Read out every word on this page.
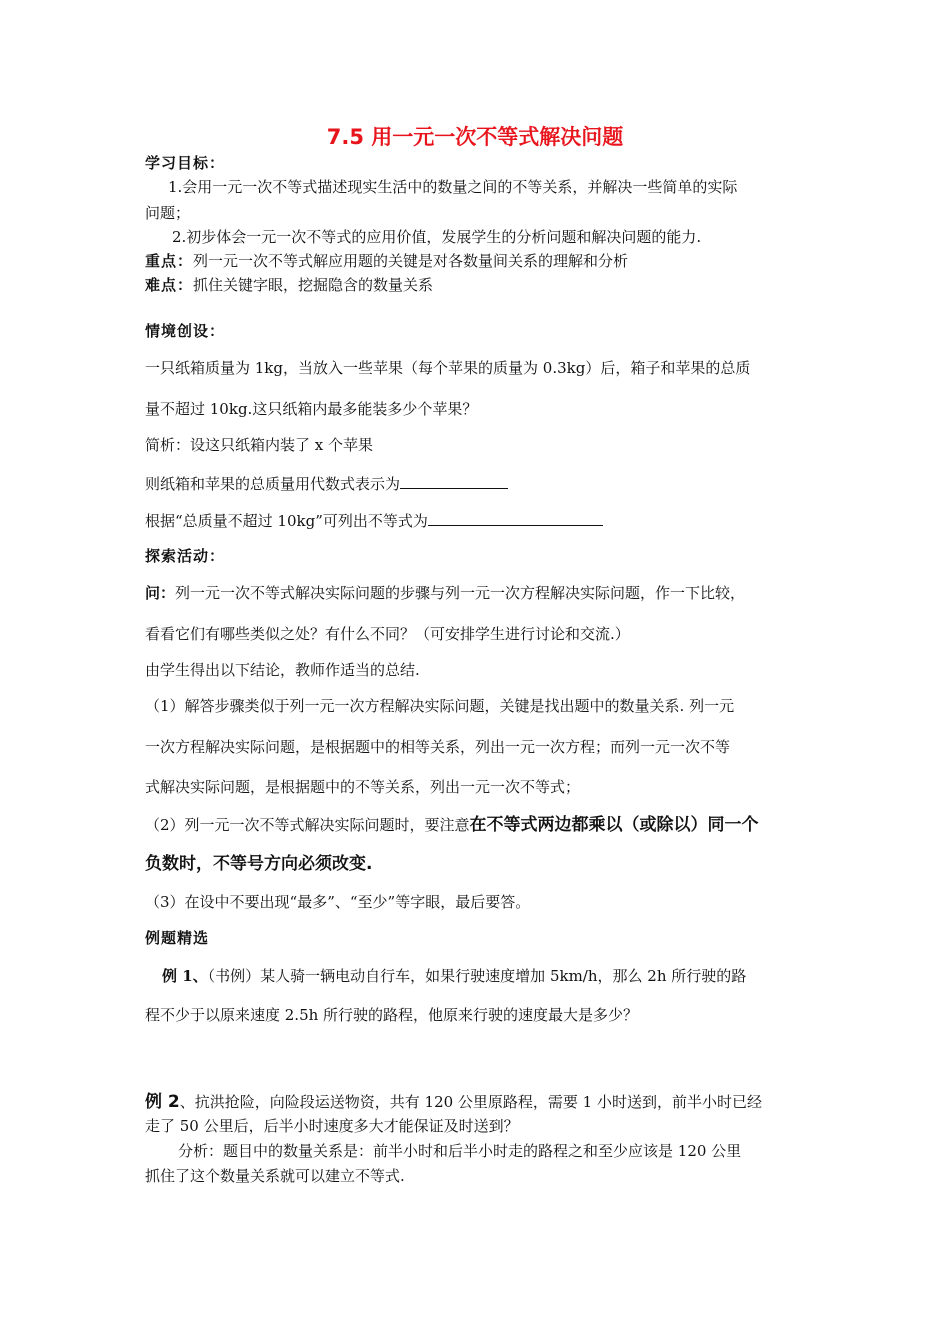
7.5 用一元一次不等式解决问题
学习目标：
1.会用一元一次不等式描述现实生活中的数量之间的不等关系，并解决一些简单的实际
问题；
2.初步体会一元一次不等式的应用价值，发展学生的分析问题和解决问题的能力.
重点：列一元一次不等式解应用题的关键是对各数量间关系的理解和分析
难点：抓住关键字眼，挖掘隐含的数量关系
情境创设：
一只纸箱质量为 1kg，当放入一些苹果（每个苹果的质量为 0.3kg）后，箱子和苹果的总质
量不超过 10kg.这只纸箱内最多能装多少个苹果？
简析：设这只纸箱内装了 x 个苹果
则纸箱和苹果的总质量用代数式表示为
根据“总质量不超过 10kg”可列出不等式为
探索活动：
问：列一元一次不等式解决实际问题的步骤与列一元一次方程解决实际问题，作一下比较，
看看它们有哪些类似之处？有什么不同？（可安排学生进行讨论和交流.）
由学生得出以下结论，教师作适当的总结.
（1）解答步骤类似于列一元一次方程解决实际问题，关键是找出题中的数量关系. 列一元
一次方程解决实际问题，是根据题中的相等关系，列出一元一次方程；而列一元一次不等
式解决实际问题，是根据题中的不等关系，列出一元一次不等式；
（2）列一元一次不等式解决实际问题时，要注意在不等式两边都乘以（或除以）同一个
负数时，不等号方向必须改变.
（3）在设中不要出现“最多”、“至少”等字眼，最后要答。
例题精选
例 1、（书例）某人骑一辆电动自行车，如果行驶速度增加 5km/h，那么 2h 所行驶的路
程不少于以原来速度 2.5h 所行驶的路程，他原来行驶的速度最大是多少？
例 2、抗洪抢险，向险段运送物资，共有 120 公里原路程，需要 1 小时送到，前半小时已经
走了 50 公里后，后半小时速度多大才能保证及时送到？
分析：题目中的数量关系是：前半小时和后半小时走的路程之和至少应该是 120 公里
抓住了这个数量关系就可以建立不等式.
